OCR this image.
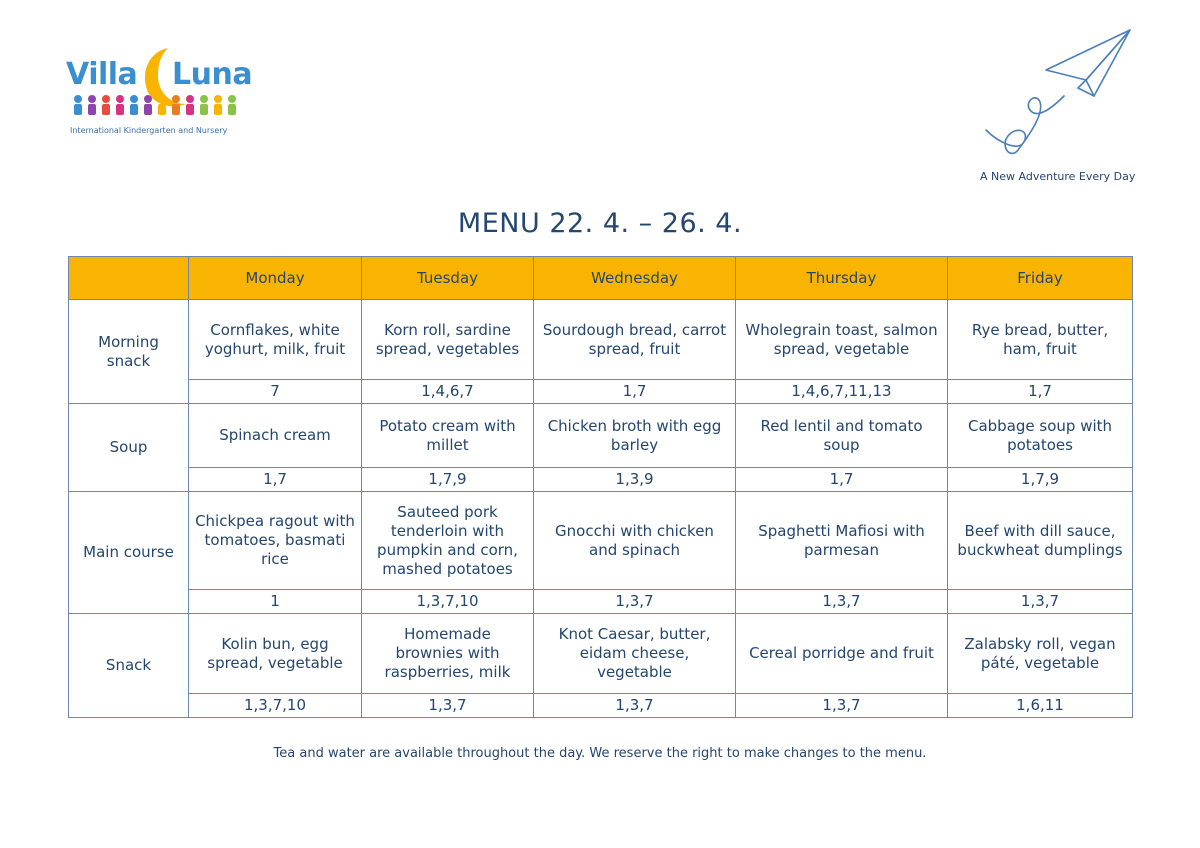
Villa Luna
International Kindergarten and Nursery
A New Adventure Every Day
MENU 22. 4. – 26. 4.
	Monday	Tuesday	Wednesday	Thursday	Friday
Morning snack	Cornflakes, white yoghurt, milk, fruit	Korn roll, sardine spread, vegetables	Sourdough bread, carrot spread, fruit	Wholegrain toast, salmon spread, vegetable	Rye bread, butter, ham, fruit
	7	1,4,6,7	1,7	1,4,6,7,11,13	1,7
Soup	Spinach cream	Potato cream with millet	Chicken broth with egg barley	Red lentil and tomato soup	Cabbage soup with potatoes
	1,7	1,7,9	1,3,9	1,7	1,7,9
Main course	Chickpea ragout with tomatoes, basmati rice	Sauteed pork tenderloin with pumpkin and corn, mashed potatoes	Gnocchi with chicken and spinach	Spaghetti Mafiosi with parmesan	Beef with dill sauce, buckwheat dumplings
	1	1,3,7,10	1,3,7	1,3,7	1,3,7
Snack	Kolin bun, egg spread, vegetable	Homemade brownies with raspberries, milk	Knot Caesar, butter, eidam cheese, vegetable	Cereal porridge and fruit	Zalabsky roll, vegan páté, vegetable
	1,3,7,10	1,3,7	1,3,7	1,3,7	1,6,11
Tea and water are available throughout the day. We reserve the right to make changes to the menu.
